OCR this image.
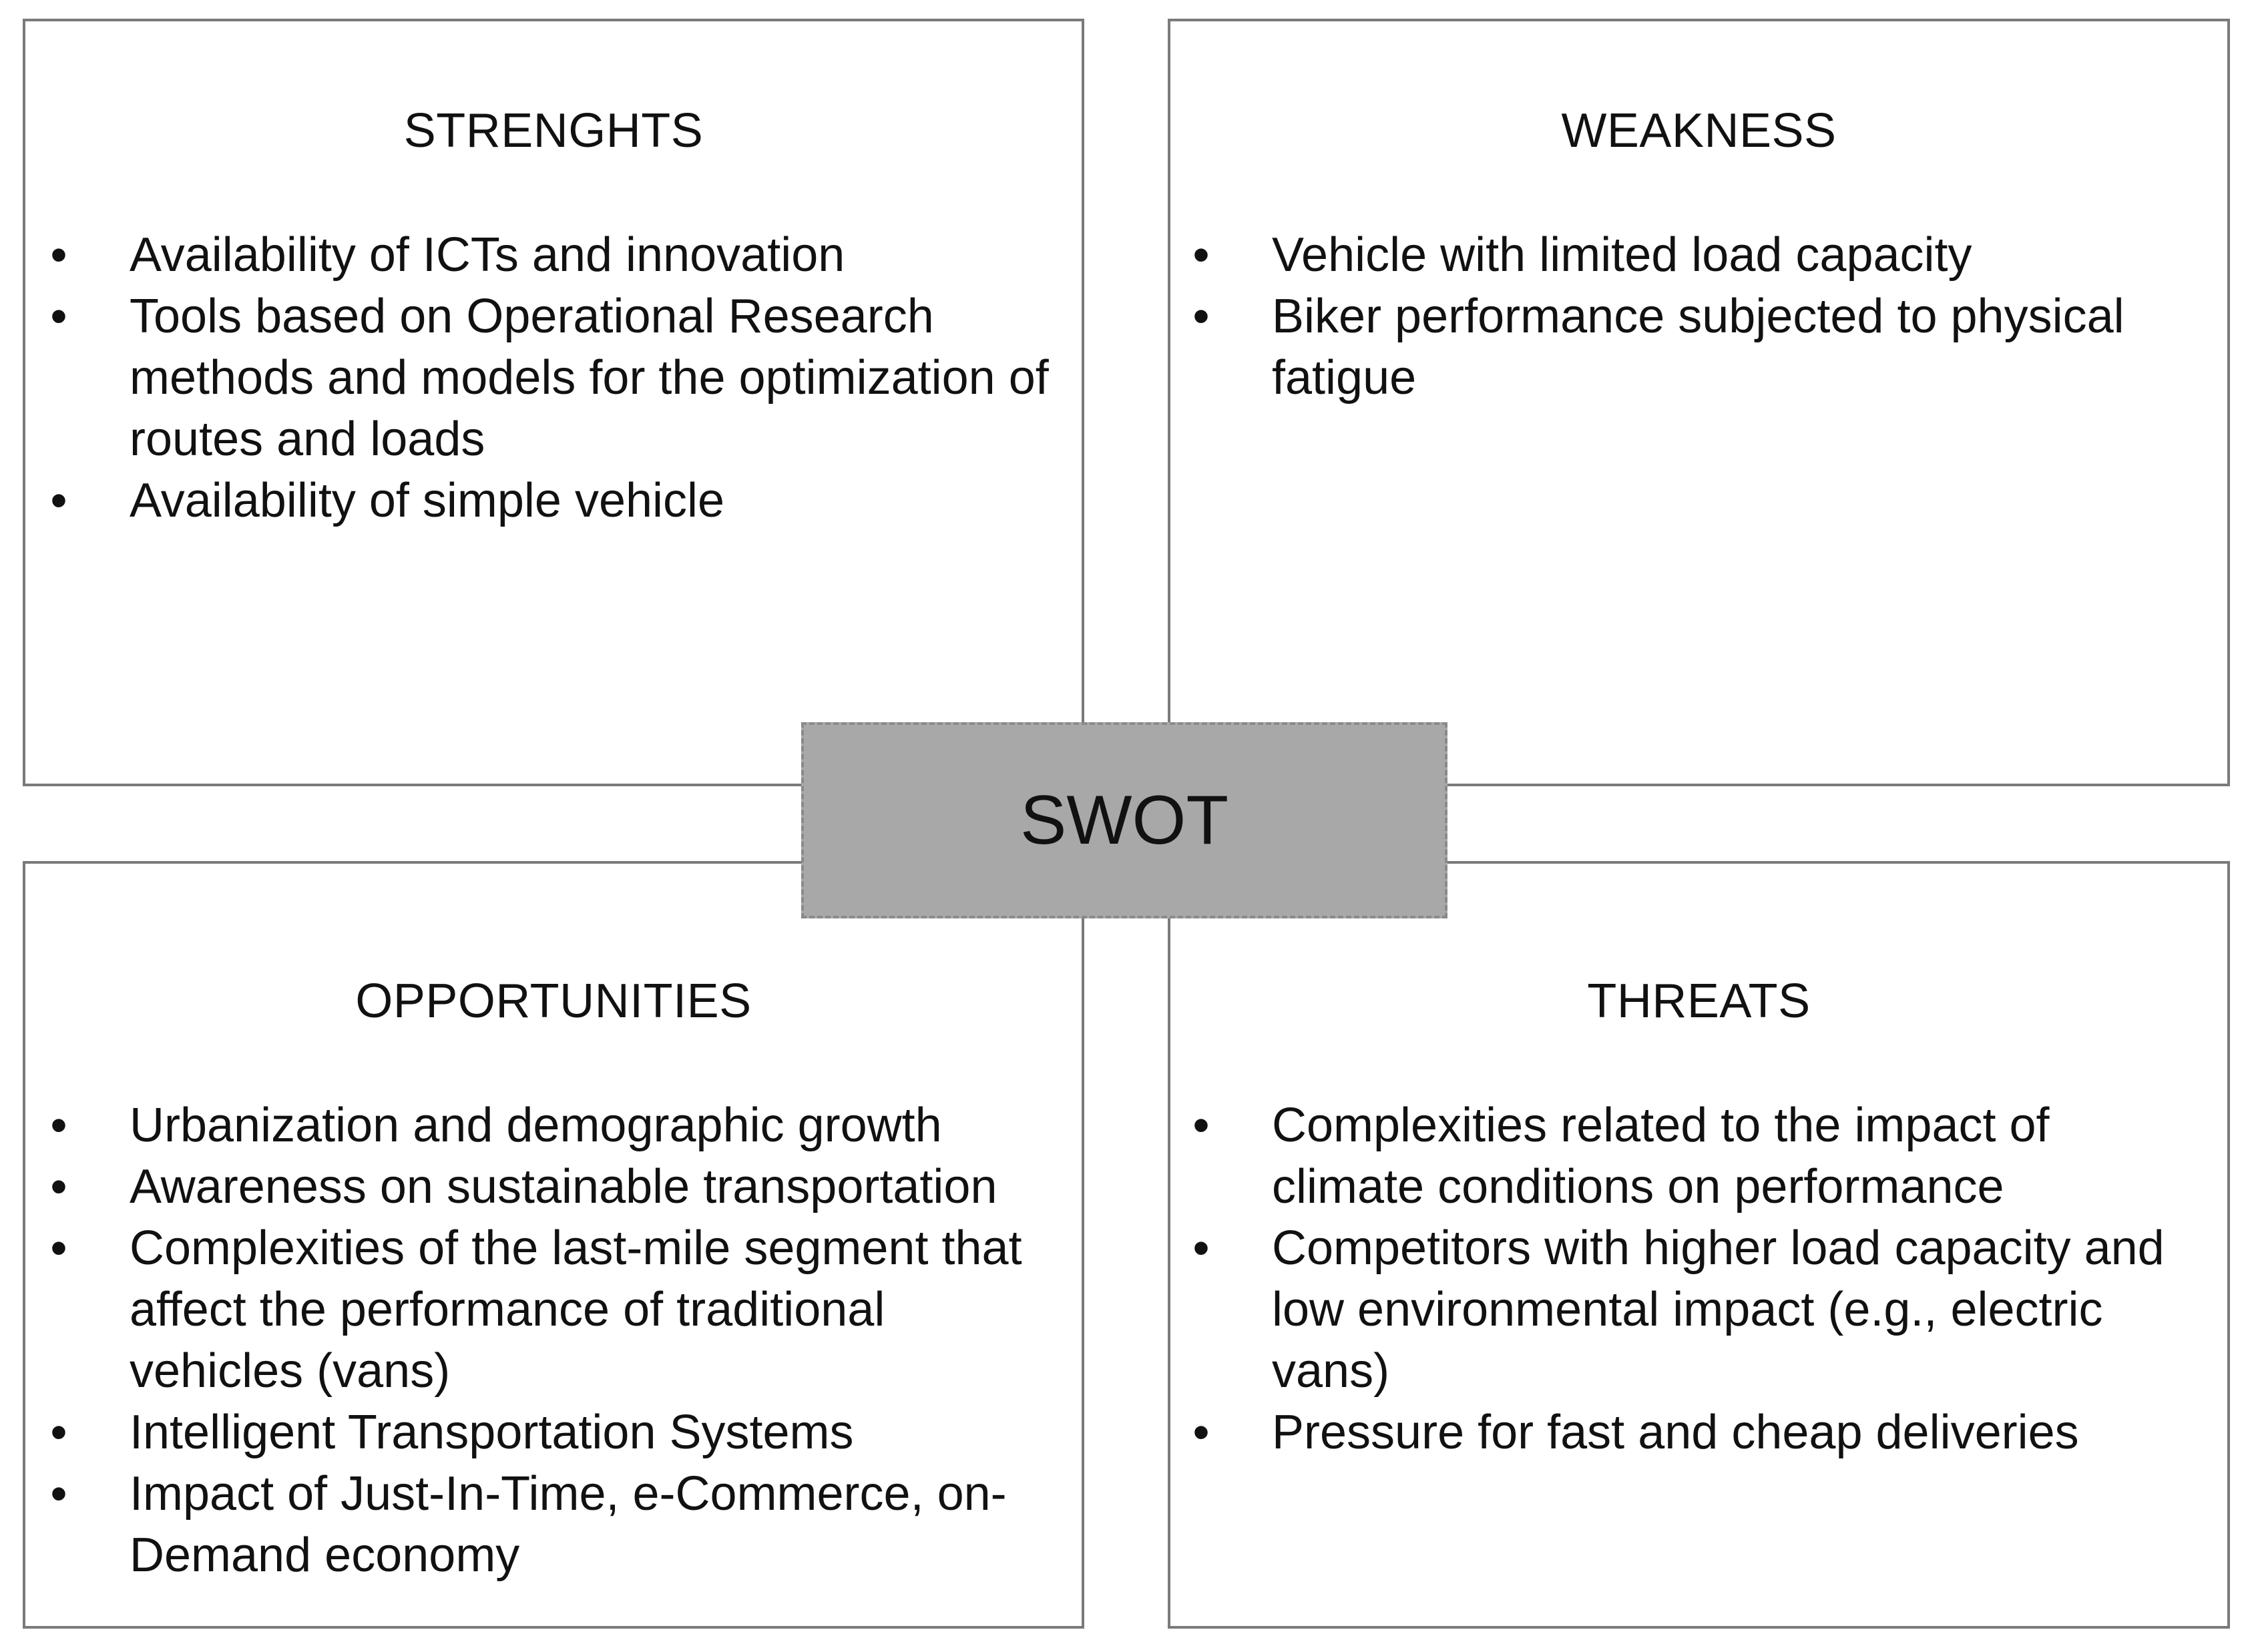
STRENGHTS
• Availability of ICTs and innovation
• Tools based on Operational Research methods and models for the optimization of routes and loads
• Availability of simple vehicle
WEAKNESS
• Vehicle with limited load capacity
• Biker performance subjected to physical fatigue
OPPORTUNITIES
• Urbanization and demographic growth
• Awareness on sustainable transportation
• Complexities of the last-mile segment that affect the performance of traditional vehicles (vans)
• Intelligent Transportation Systems
• Impact of Just-In-Time, e-Commerce, on-Demand economy
THREATS
• Complexities related to the impact of climate conditions on performance
• Competitors with higher load capacity and low environmental impact (e.g., electric vans)
• Pressure for fast and cheap deliveries
SWOT
